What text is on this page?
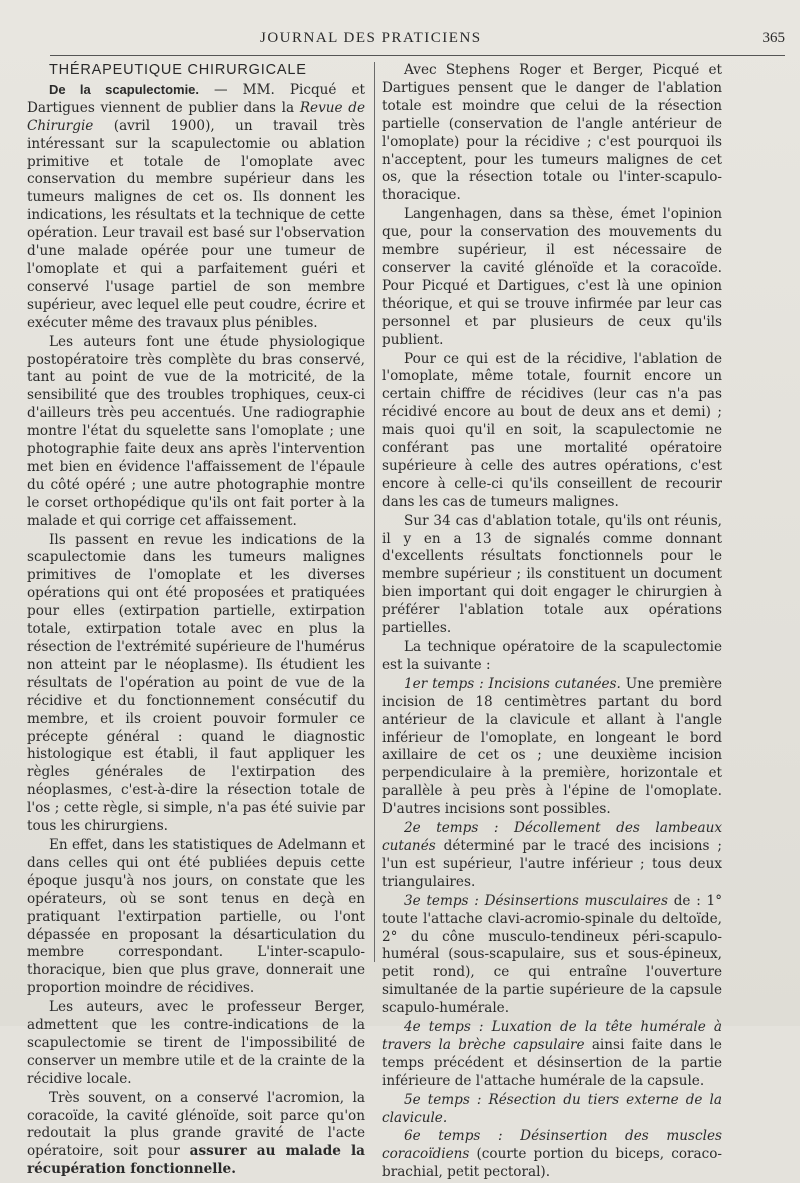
JOURNAL DES PRATICIENS	365

THÉRAPEUTIQUE CHIRURGICALE

De la scapulectomie. — MM. Picqué et Dartigues viennent de publier dans la Revue de Chirurgie (avril 1900), un travail très intéressant sur la scapulectomie ou ablation primitive et totale de l'omoplate avec conservation du membre supérieur dans les tumeurs malignes de cet os. Ils donnent les indications, les résultats et la technique de cette opération. Leur travail est basé sur l'observation d'une malade opérée pour une tumeur de l'omoplate et qui a parfaitement guéri et conservé l'usage partiel de son membre supérieur, avec lequel elle peut coudre, écrire et exécuter même des travaux plus pénibles.

Les auteurs font une étude physiologique postopératoire très complète du bras conservé, tant au point de vue de la motricité, de la sensibilité que des troubles trophiques, ceux-ci d'ailleurs très peu accentués. Une radiographie montre l'état du squelette sans l'omoplate ; une photographie faite deux ans après l'intervention met bien en évidence l'affaissement de l'épaule du côté opéré ; une autre photographie montre le corset orthopédique qu'ils ont fait porter à la malade et qui corrige cet affaissement.

Ils passent en revue les indications de la scapulectomie dans les tumeurs malignes primitives de l'omoplate et les diverses opérations qui ont été proposées et pratiquées pour elles (extirpation partielle, extirpation totale, extirpation totale avec en plus la résection de l'extrémité supérieure de l'humérus non atteint par le néoplasme). Ils étudient les résultats de l'opération au point de vue de la récidive et du fonctionnement consécutif du membre, et ils croient pouvoir formuler ce précepte général : quand le diagnostic histologique est établi, il faut appliquer les règles générales de l'extirpation des néoplasmes, c'est-à-dire la résection totale de l'os ; cette règle, si simple, n'a pas été suivie par tous les chirurgiens.

En effet, dans les statistiques de Adelmann et dans celles qui ont été publiées depuis cette époque jusqu'à nos jours, on constate que les opérateurs, où se sont tenus en deçà en pratiquant l'extirpation partielle, ou l'ont dépassée en proposant la désarticulation du membre correspondant. L'inter-scapulo-thoracique, bien que plus grave, donnerait une proportion moindre de récidives.

Les auteurs, avec le professeur Berger, admettent que les contre-indications de la scapulectomie se tirent de l'impossibilité de conserver un membre utile et de la crainte de la récidive locale.

Très souvent, on a conservé l'acromion, la coracoïde, la cavité glénoïde, soit parce qu'on redoutait la plus grande gravité de l'acte opératoire, soit pour assurer au malade la récupération fonctionnelle.

Avec Stephens Roger et Berger, Picqué et Dartigues pensent que le danger de l'ablation totale est moindre que celui de la résection partielle (conservation de l'angle antérieur de l'omoplate) pour la récidive ; c'est pourquoi ils n'acceptent, pour les tumeurs malignes de cet os, que la résection totale ou l'inter-scapulo-thoracique.

Langenhagen, dans sa thèse, émet l'opinion que, pour la conservation des mouvements du membre supérieur, il est nécessaire de conserver la cavité glénoïde et la coracoïde. Pour Picqué et Dartigues, c'est là une opinion théorique, et qui se trouve infirmée par leur cas personnel et par plusieurs de ceux qu'ils publient.

Pour ce qui est de la récidive, l'ablation de l'omoplate, même totale, fournit encore un certain chiffre de récidives (leur cas n'a pas récidivé encore au bout de deux ans et demi) ; mais quoi qu'il en soit, la scapulectomie ne conférant pas une mortalité opératoire supérieure à celle des autres opérations, c'est encore à celle-ci qu'ils conseillent de recourir dans les cas de tumeurs malignes.

Sur 34 cas d'ablation totale, qu'ils ont réunis, il y en a 13 de signalés comme donnant d'excellents résultats fonctionnels pour le membre supérieur ; ils constituent un document bien important qui doit engager le chirurgien à préférer l'ablation totale aux opérations partielles.

La technique opératoire de la scapulectomie est la suivante :

1er temps : Incisions cutanées. Une première incision de 18 centimètres partant du bord antérieur de la clavicule et allant à l'angle inférieur de l'omoplate, en longeant le bord axillaire de cet os ; une deuxième incision perpendiculaire à la première, horizontale et parallèle à peu près à l'épine de l'omoplate. D'autres incisions sont possibles.

2e temps : Décollement des lambeaux cutanés déterminé par le tracé des incisions ; l'un est supérieur, l'autre inférieur ; tous deux triangulaires.

3e temps : Désinsertions musculaires de : 1° toute l'attache clavi-acromio-spinale du deltoïde, 2° du cône musculo-tendineux péri-scapulo-huméral (sous-scapulaire, sus et sous-épineux, petit rond), ce qui entraîne l'ouverture simultanée de la partie supérieure de la capsule scapulo-humérale.

4e temps : Luxation de la tête humérale à travers la brèche capsulaire ainsi faite dans le temps précédent et désinsertion de la partie inférieure de l'attache humérale de la capsule.

5e temps : Résection du tiers externe de la clavicule.

6e temps : Désinsertion des muscles coracoïdiens (courte portion du biceps, coraco-brachial, petit pectoral).
